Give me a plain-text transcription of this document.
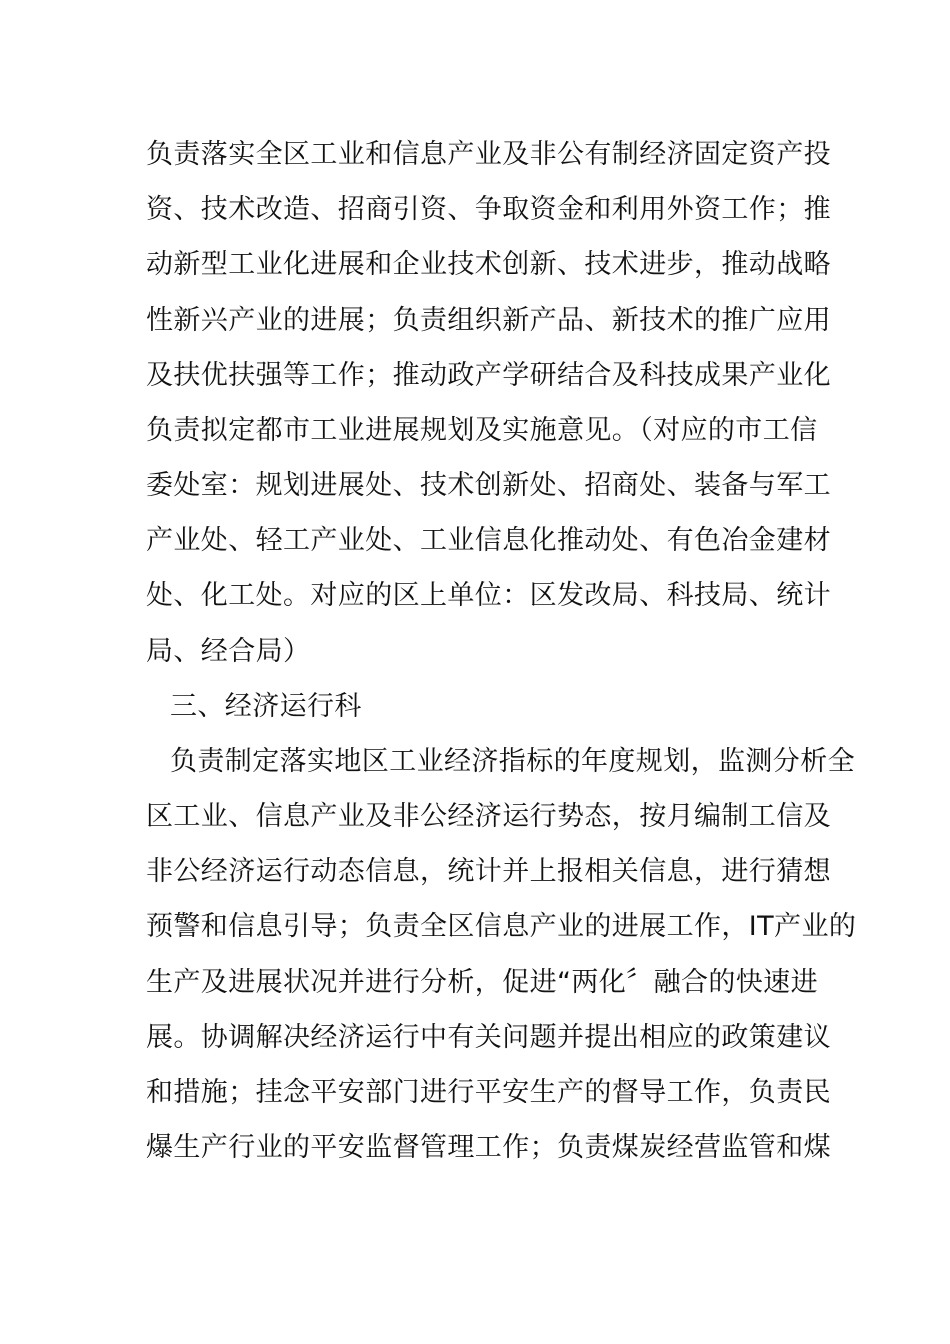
负责落实全区工业和信息产业及非公有制经济固定资产投

资、技术改造、招商引资、争取资金和利用外资工作；推

动新型工业化进展和企业技术创新、技术进步，推动战略

性新兴产业的进展；负责组织新产品、新技术的推广应用

及扶优扶强等工作；推动政产学研结合及科技成果产业化

负责拟定都市工业进展规划及实施意见。（对应的市工信

委处室：规划进展处、技术创新处、招商处、装备与军工

产业处、轻工产业处、工业信息化推动处、有色冶金建材

处、化工处。对应的区上单位：区发改局、科技局、统计

局、经合局）

三、经济运行科

负责制定落实地区工业经济指标的年度规划，监测分析全

区工业、信息产业及非公经济运行势态，按月编制工信及

非公经济运行动态信息，统计并上报相关信息，进行猜想

预警和信息引导；负责全区信息产业的进展工作，IT产业的

生产及进展状况并进行分析，促进“两化〞融合的快速进

展。协调解决经济运行中有关问题并提出相应的政策建议

和措施；挂念平安部门进行平安生产的督导工作，负责民

爆生产行业的平安监督管理工作；负责煤炭经营监管和煤
